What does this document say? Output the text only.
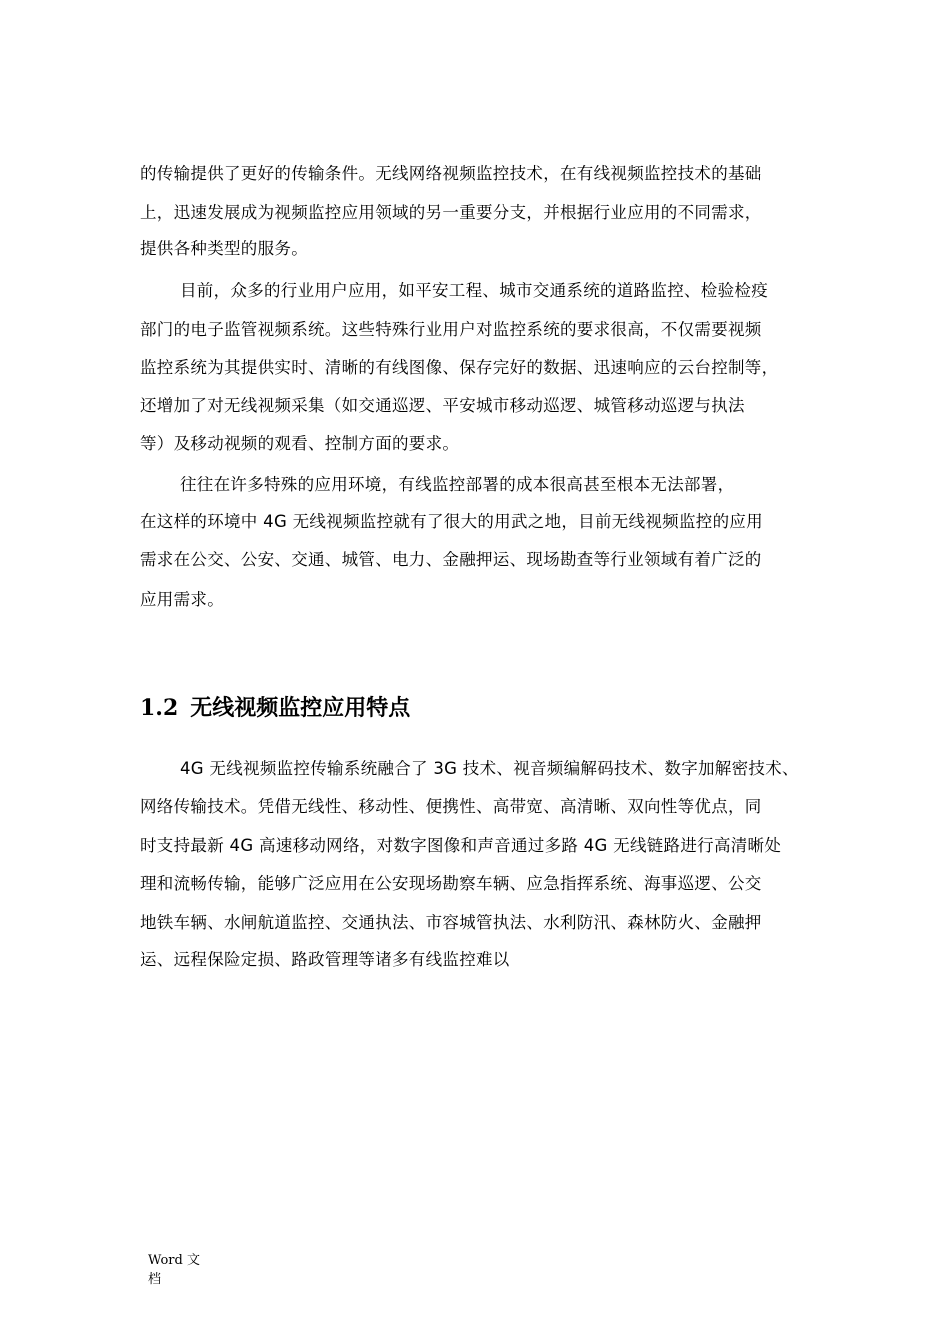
的传输提供了更好的传输条件。无线网络视频监控技术，在有线视频监控技术的基础
上，迅速发展成为视频监控应用领域的另一重要分支，并根据行业应用的不同需求，
提供各种类型的服务。
目前，众多的行业用户应用，如平安工程、城市交通系统的道路监控、检验检疫
部门的电子监管视频系统。这些特殊行业用户对监控系统的要求很高，不仅需要视频
监控系统为其提供实时、清晰的有线图像、保存完好的数据、迅速响应的云台控制等，
还增加了对无线视频采集（如交通巡逻、平安城市移动巡逻、城管移动巡逻与执法
等）及移动视频的观看、控制方面的要求。
往往在许多特殊的应用环境，有线监控部署的成本很高甚至根本无法部署，
在这样的环境中 4G 无线视频监控就有了很大的用武之地，目前无线视频监控的应用
需求在公交、公安、交通、城管、电力、金融押运、现场勘查等行业领域有着广泛的
应用需求。
1.2 无线视频监控应用特点
4G 无线视频监控传输系统融合了 3G 技术、视音频编解码技术、数字加解密技术、
网络传输技术。凭借无线性、移动性、便携性、高带宽、高清晰、双向性等优点，同
时支持最新 4G 高速移动网络，对数字图像和声音通过多路 4G 无线链路进行高清晰处
理和流畅传输，能够广泛应用在公安现场勘察车辆、应急指挥系统、海事巡逻、公交
地铁车辆、水闸航道监控、交通执法、市容城管执法、水利防汛、森林防火、金融押
运、远程保险定损、路政管理等诸多有线监控难以
Word 文档
